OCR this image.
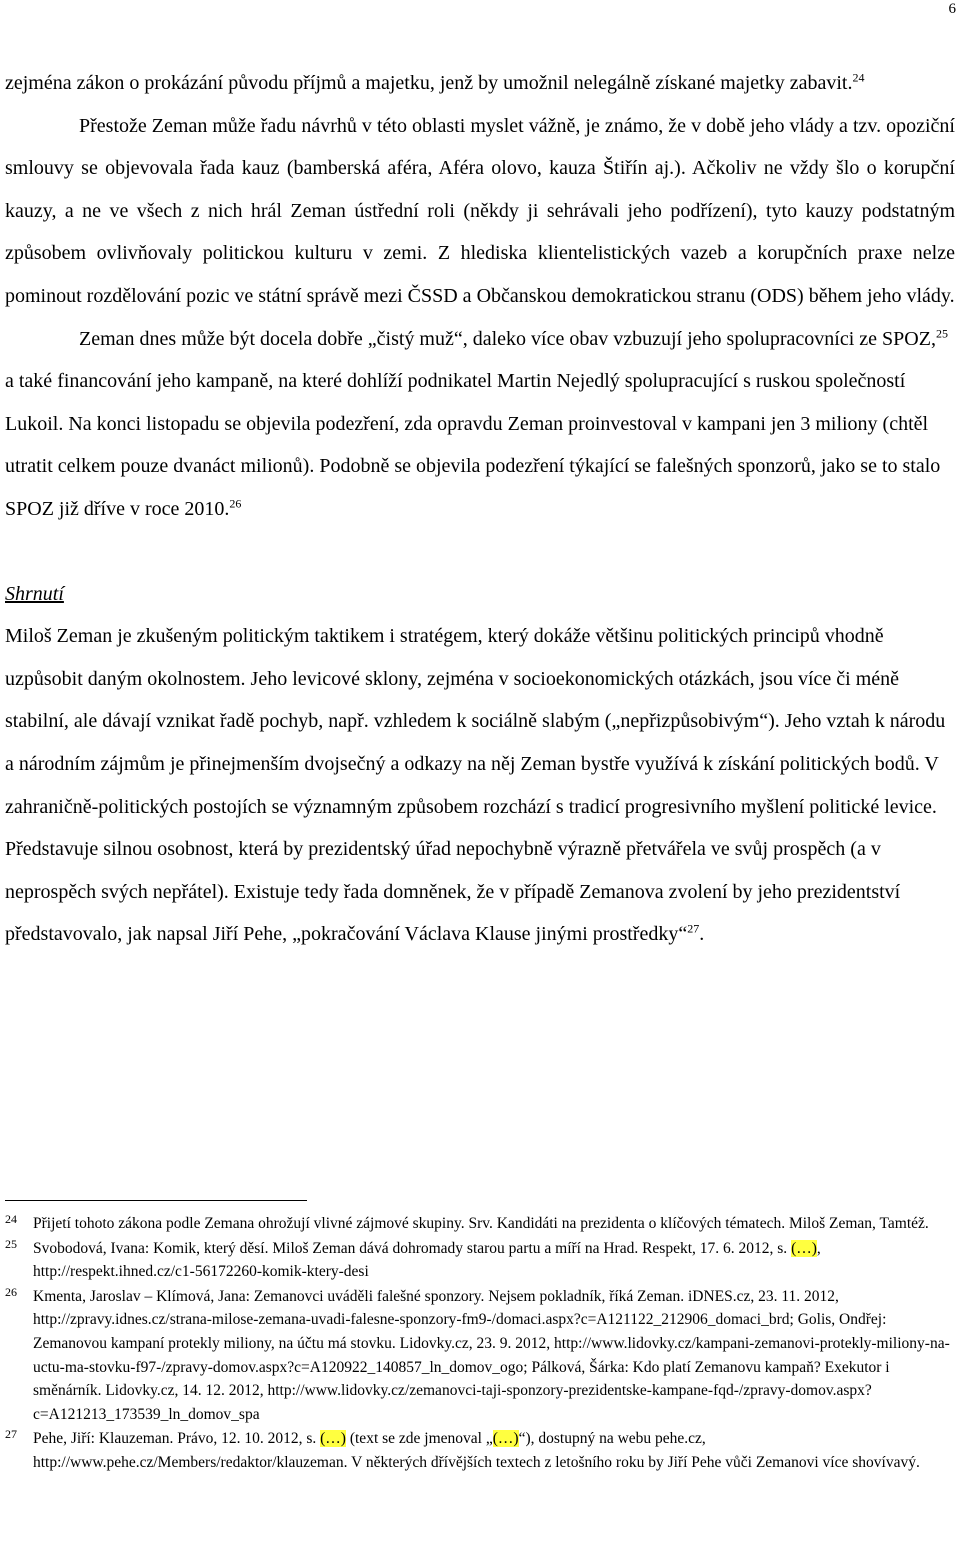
6

zejména zákon o prokázání původu příjmů a majetku, jenž by umožnil nelegálně získané majetky zabavit.$^{24}$

Přestože Zeman může řadu návrhů v této oblasti myslet vážně, je známo, že v době jeho vlády a tzv. opoziční smlouvy se objevovala řada kauz (bamberská aféra, Aféra olovo, kauza Štiřín aj.). Ačkoliv ne vždy šlo o korupční kauzy, a ne ve všech z nich hrál Zeman ústřední roli (někdy ji sehrávali jeho podřízení), tyto kauzy podstatným způsobem ovlivňovaly politickou kulturu v zemi. Z hlediska klientelistických vazeb a korupčních praxe nelze pominout rozdělování pozic ve státní správě mezi ČSSD a Občanskou demokratickou stranu (ODS) během jeho vlády.

Zeman dnes může být docela dobře „čistý muž“, daleko více obav vzbuzují jeho spolupracovníci ze SPOZ,$^{25}$ a také financování jeho kampaně, na které dohlíží podnikatel Martin Nejedlý spolupracující s ruskou společností Lukoil. Na konci listopadu se objevila podezření, zda opravdu Zeman proinvestoval v kampani jen 3 miliony (chtěl utratit celkem pouze dvanáct milionů). Podobně se objevila podezření týkající se falešných sponzorů, jako se to stalo SPOZ již dříve v roce 2010.26

Shrnutí

Miloš Zeman je zkušeným politickým taktikem i stratégem, který dokáže většinu politických principů vhodně uzpůsobit daným okolnostem. Jeho levicové sklony, zejména v socioekonomických otázkách, jsou více či méně stabilní, ale dávají vznikat řadě pochyb, např. vzhledem k sociálně slabým („nepřizpůsobivým“). Jeho vztah k národu a národním zájmům je přinejmenším dvojsečný a odkazy na něj Zeman bystře využívá k získání politických bodů. V zahraničně-politických postojích se významným způsobem rozchází s tradicí progresivního myšlení politické levice. Představuje silnou osobnost, která by prezidentský úřad nepochybně výrazně přetvářela ve svůj prospěch (a v neprospěch svých nepřátel). Existuje tedy řada domněnek, že v případě Zemanova zvolení by jeho prezidentství představovalo, jak napsal Jiří Pehe, „pokračování Václava Klause jinými prostředky“$^{27}$.

24 Přijetí tohoto zákona podle Zemana ohrožují vlivné zájmové skupiny. Srv. Kandidáti na prezidenta o klíčových tématech. Miloš Zeman, Tamtéž.
25 Svobodová, Ivana: Komik, který děsí. Miloš Zeman dává dohromady starou partu a míří na Hrad. Respekt, 17. 6. 2012, s. (…), http://respekt.ihned.cz/c1-56172260-komik-ktery-desi
26 Kmenta, Jaroslav – Klímová, Jana: Zemanovci uváděli falešné sponzory. Nejsem pokladník, říká Zeman. iDNES.cz, 23. 11. 2012, http://zpravy.idnes.cz/strana-milose-zemana-uvadi-falesne-sponzory-fm9-/domaci.aspx?c=A121122_212906_domaci_brd; Golis, Ondřej: Zemanovou kampaní protekly miliony, na účtu má stovku. Lidovky.cz, 23. 9. 2012, http://www.lidovky.cz/kampani-zemanovi-protekly-miliony-na-uctu-ma-stovku-f97-/zpravy-domov.aspx?c=A120922_140857_ln_domov_ogo; Pálková, Šárka: Kdo platí Zemanovu kampaň? Exekutor i směnárník. Lidovky.cz, 14. 12. 2012, http://www.lidovky.cz/zemanovci-taji-sponzory-prezidentske-kampane-fqd-/zpravy-domov.aspx?c=A121213_173539_ln_domov_spa
27 Pehe, Jiří: Klauzeman. Právo, 12. 10. 2012, s. (…) (text se zde jmenoval „(…)“), dostupný na webu pehe.cz, http://www.pehe.cz/Members/redaktor/klauzeman. V některých dřívějších textech z letošního roku by Jiří Pehe vůči Zemanovi více shovívavý.
